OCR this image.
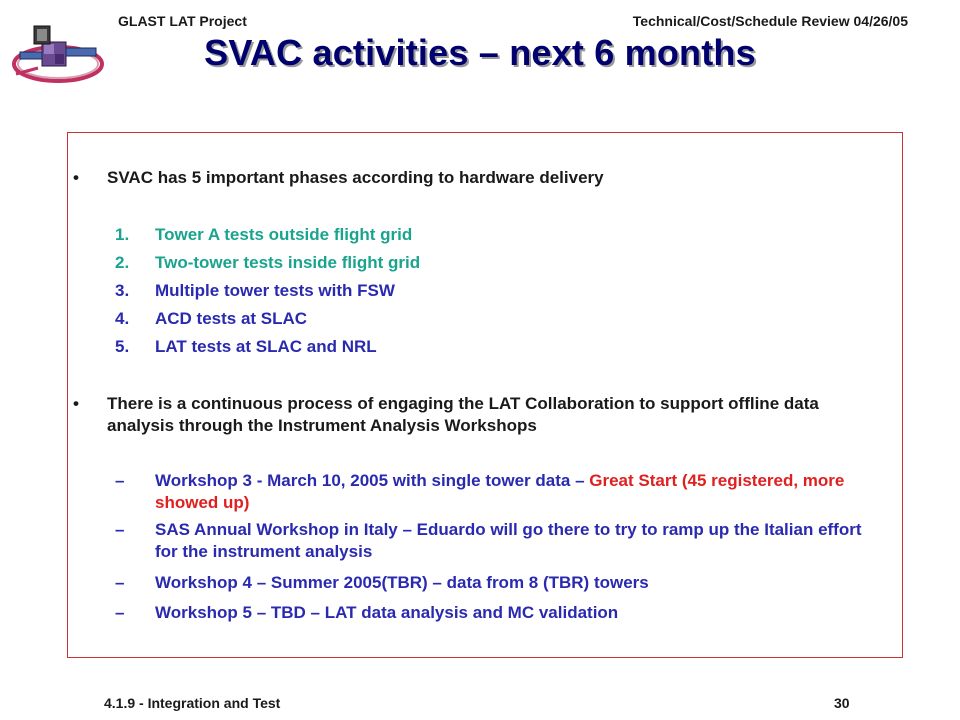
GLAST LAT Project	Technical/Cost/Schedule Review 04/26/05
SVAC activities – next 6 months
• SVAC has 5 important phases according to hardware delivery
1. Tower A tests outside flight grid
2. Two-tower tests inside flight grid
3. Multiple tower tests with FSW
4. ACD tests at SLAC
5. LAT tests at SLAC and NRL
• There is a continuous process of engaging the LAT Collaboration to support offline data analysis through the Instrument Analysis Workshops
– Workshop 3 - March 10, 2005 with single tower data – Great Start (45 registered, more showed up)
– SAS Annual Workshop in Italy – Eduardo will go there to try to ramp up the Italian effort for the instrument analysis
– Workshop 4 – Summer 2005(TBR) – data from 8 (TBR) towers
– Workshop 5 – TBD – LAT data analysis and MC validation
4.1.9 - Integration and Test	30
